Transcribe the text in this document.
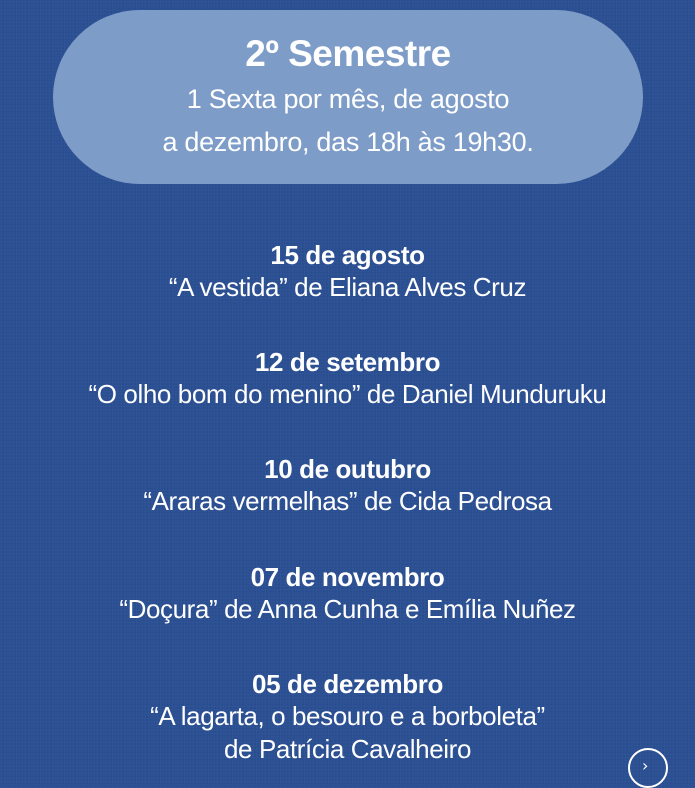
2º Semestre
1 Sexta por mês, de agosto
a dezembro, das 18h às 19h30.
15 de agosto
“A vestida” de Eliana Alves Cruz
12 de setembro
“O olho bom do menino” de Daniel Munduruku
10 de outubro
“Araras vermelhas” de Cida Pedrosa
07 de novembro
“Doçura” de Anna Cunha e Emília Nuñez
05 de dezembro
“A lagarta, o besouro e a borboleta”
de Patrícia Cavalheiro
›
